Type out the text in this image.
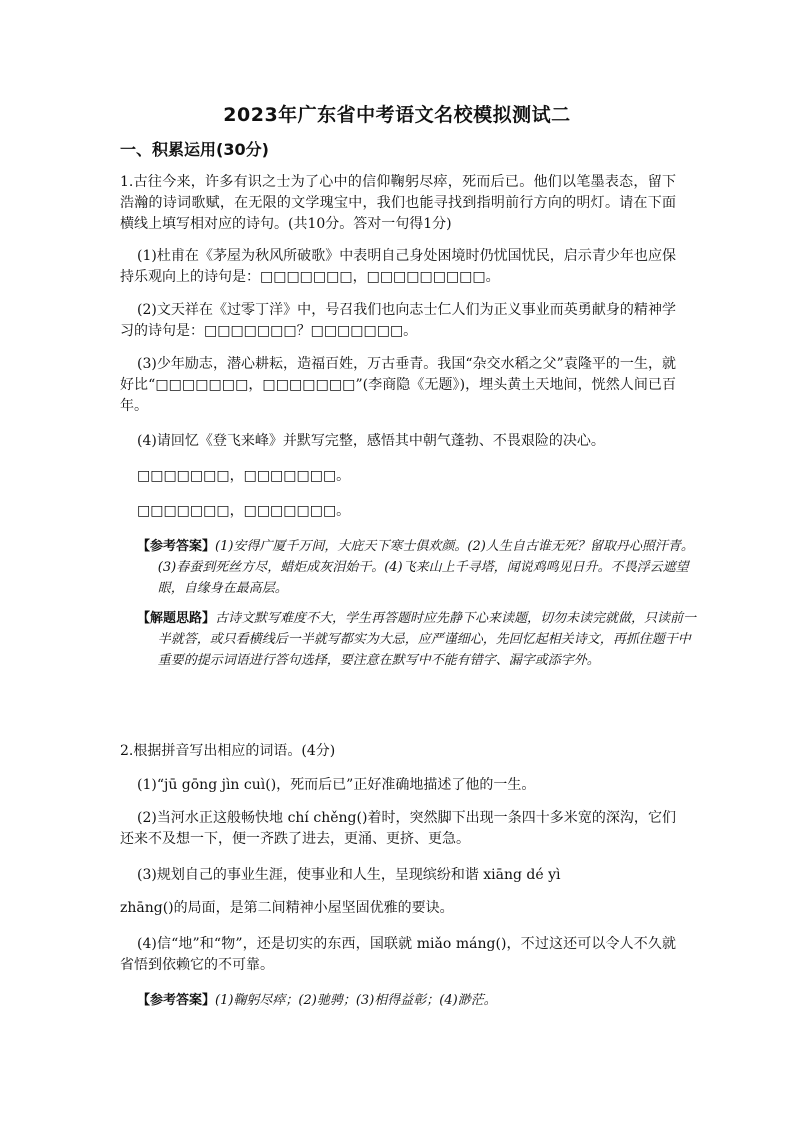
2023年广东省中考语文名校模拟测试二
一、积累运用(30分)

1.古往今来，许多有识之士为了心中的信仰鞠躬尽瘁，死而后已。他们以笔墨表态，留下浩瀚的诗词歌赋，在无限的文学瑰宝中，我们也能寻找到指明前行方向的明灯。请在下面横线上填写相对应的诗句。(共10分。答对一句得1分)

(1)杜甫在《茅屋为秋风所破歌》中表明自己身处困境时仍忧国忧民，启示青少年也应保持乐观向上的诗句是：□□□□□□□，□□□□□□□□□。

(2)文天祥在《过零丁洋》中，号召我们也向志士仁人们为正义事业而英勇献身的精神学习的诗句是：□□□□□□□？□□□□□□□。

(3)少年励志，潜心耕耘，造福百姓，万古垂青。我国“杂交水稻之父”袁隆平的一生，就好比“□□□□□□□，□□□□□□□”(李商隐《无题》)，埋头黄土天地间，恍然人间已百年。

(4)请回忆《登飞来峰》并默写完整，感悟其中朝气蓬勃、不畏艰险的决心。

□□□□□□□，□□□□□□□。

□□□□□□□，□□□□□□□。

【参考答案】(1)安得广厦千万间，大庇天下寒士俱欢颜。(2)人生自古谁无死？留取丹心照汗青。(3)春蚕到死丝方尽，蜡炬成灰泪始干。(4)飞来山上千寻塔，闻说鸡鸣见日升。不畏浮云遮望眼，自缘身在最高层。

【解题思路】古诗文默写难度不大，学生再答题时应先静下心来读题，切勿未读完就做，只读前一半就答，或只看横线后一半就写都实为大忌，应严谨细心，先回忆起相关诗文，再抓住题干中重要的提示词语进行答句选择，要注意在默写中不能有错字、漏字或添字外。

2.根据拼音写出相应的词语。(4分)

(1)“jū gōng jìn cuì()，死而后已”正好准确地描述了他的一生。

(2)当河水正这般畅快地 chí chěng()着时，突然脚下出现一条四十多米宽的深沟，它们还来不及想一下，便一齐跌了进去，更涌、更挤、更急。

(3)规划自己的事业生涯，使事业和人生，呈现缤纷和谐 xiāng dé yì

zhāng()的局面，是第二间精神小屋坚固优雅的要诀。

(4)信“地”和“物”，还是切实的东西，国联就 miǎo máng()，不过这还可以令人不久就省悟到依赖它的不可靠。

【参考答案】(1)鞠躬尽瘁；(2)驰骋；(3)相得益彰；(4)渺茫。
